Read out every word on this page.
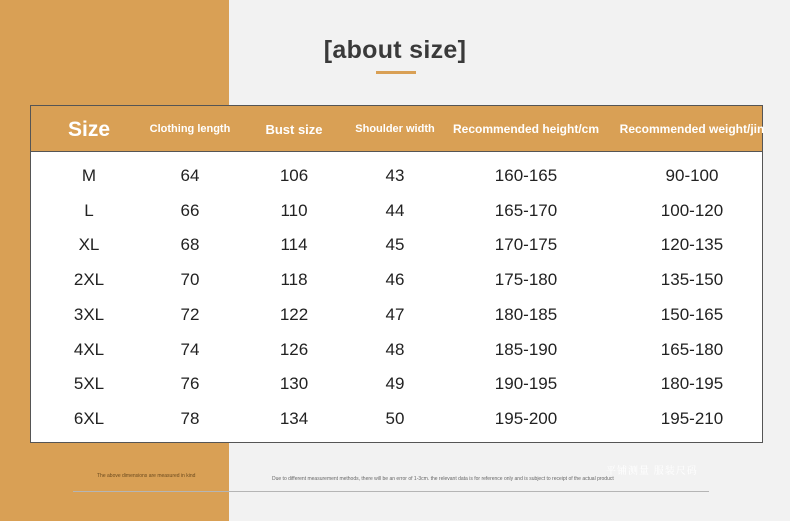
[about size]
Size	Clothing length	Bust size	Shoulder width	Recommended height/cm	Recommended weight/jin
M	64	106	43	160-165	90-100
L	66	110	44	165-170	100-120
XL	68	114	45	170-175	120-135
2XL	70	118	46	175-180	135-150
3XL	72	122	47	180-185	150-165
4XL	74	126	48	185-190	165-180
5XL	76	130	49	190-195	180-195
6XL	78	134	50	195-200	195-210
The above dimensions are measured in kind	Due to different measurement methods, there will be an error of 1-3cm. the relevant data is for reference only and is subject to receipt of the actual product
平铺测量 服装尺码
